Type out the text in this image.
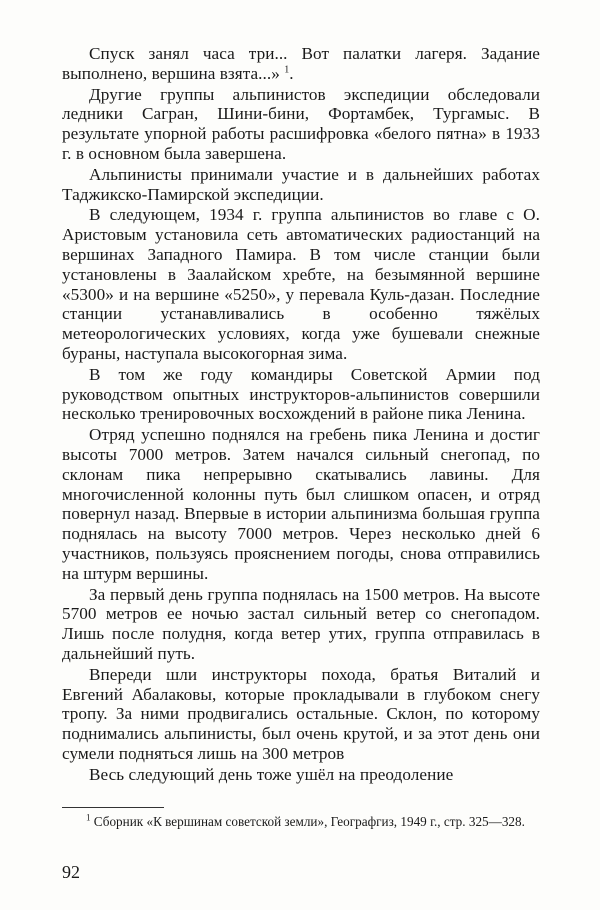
Спуск занял часа три... Вот палатки лагеря. Задание выполнено, вершина взята...» $^1$.

Другие группы альпинистов экспедиции обследовали ледники Сагран, Шини-бини, Фортамбек, Тургамыс. В результате упорной работы расшифровка «белого пятна» в 1933 г. в основном была завершена.

Альпинисты принимали участие и в дальнейших работах Таджикско-Памирской экспедиции.

В следующем, 1934 г. группа альпинистов во главе с О. Аристовым установила сеть автоматических радиостанций на вершинах Западного Памира. В том числе станции были установлены в Заалайском хребте, на безымянной вершине «5300» и на вершине «5250», у перевала Куль-дазан. Последние станции устанавливались в особенно тяжёлых метеорологических условиях, когда уже бушевали снежные бураны, наступала высокогорная зима.

В том же году командиры Советской Армии под руководством опытных инструкторов-альпинистов совершили несколько тренировочных восхождений в районе пика Ленина.

Отряд успешно поднялся на гребень пика Ленина и достиг высоты 7000 метров. Затем начался сильный снегопад, по склонам пика непрерывно скатывались лавины. Для многочисленной колонны путь был слишком опасен, и отряд повернул назад. Впервые в истории альпинизма большая группа поднялась на высоту 7000 метров. Через несколько дней 6 участников, пользуясь прояснением погоды, снова отправились на штурм вершины.

За первый день группа поднялась на 1500 метров. На высоте 5700 метров ее ночью застал сильный ветер со снегопадом. Лишь после полудня, когда ветер утих, группа отправилась в дальнейший путь.

Впереди шли инструкторы похода, братья Виталий и Евгений Абалаковы, которые прокладывали в глубоком снегу тропу. За ними продвигались остальные. Склон, по которому поднимались альпинисты, был очень крутой, и за этот день они сумели подняться лишь на 300 метров

Весь следующий день тоже ушёл на преодоление

$^1$ Сборник «К вершинам советской земли», Географгиз, 1949 г., стр. 325—328.

92
